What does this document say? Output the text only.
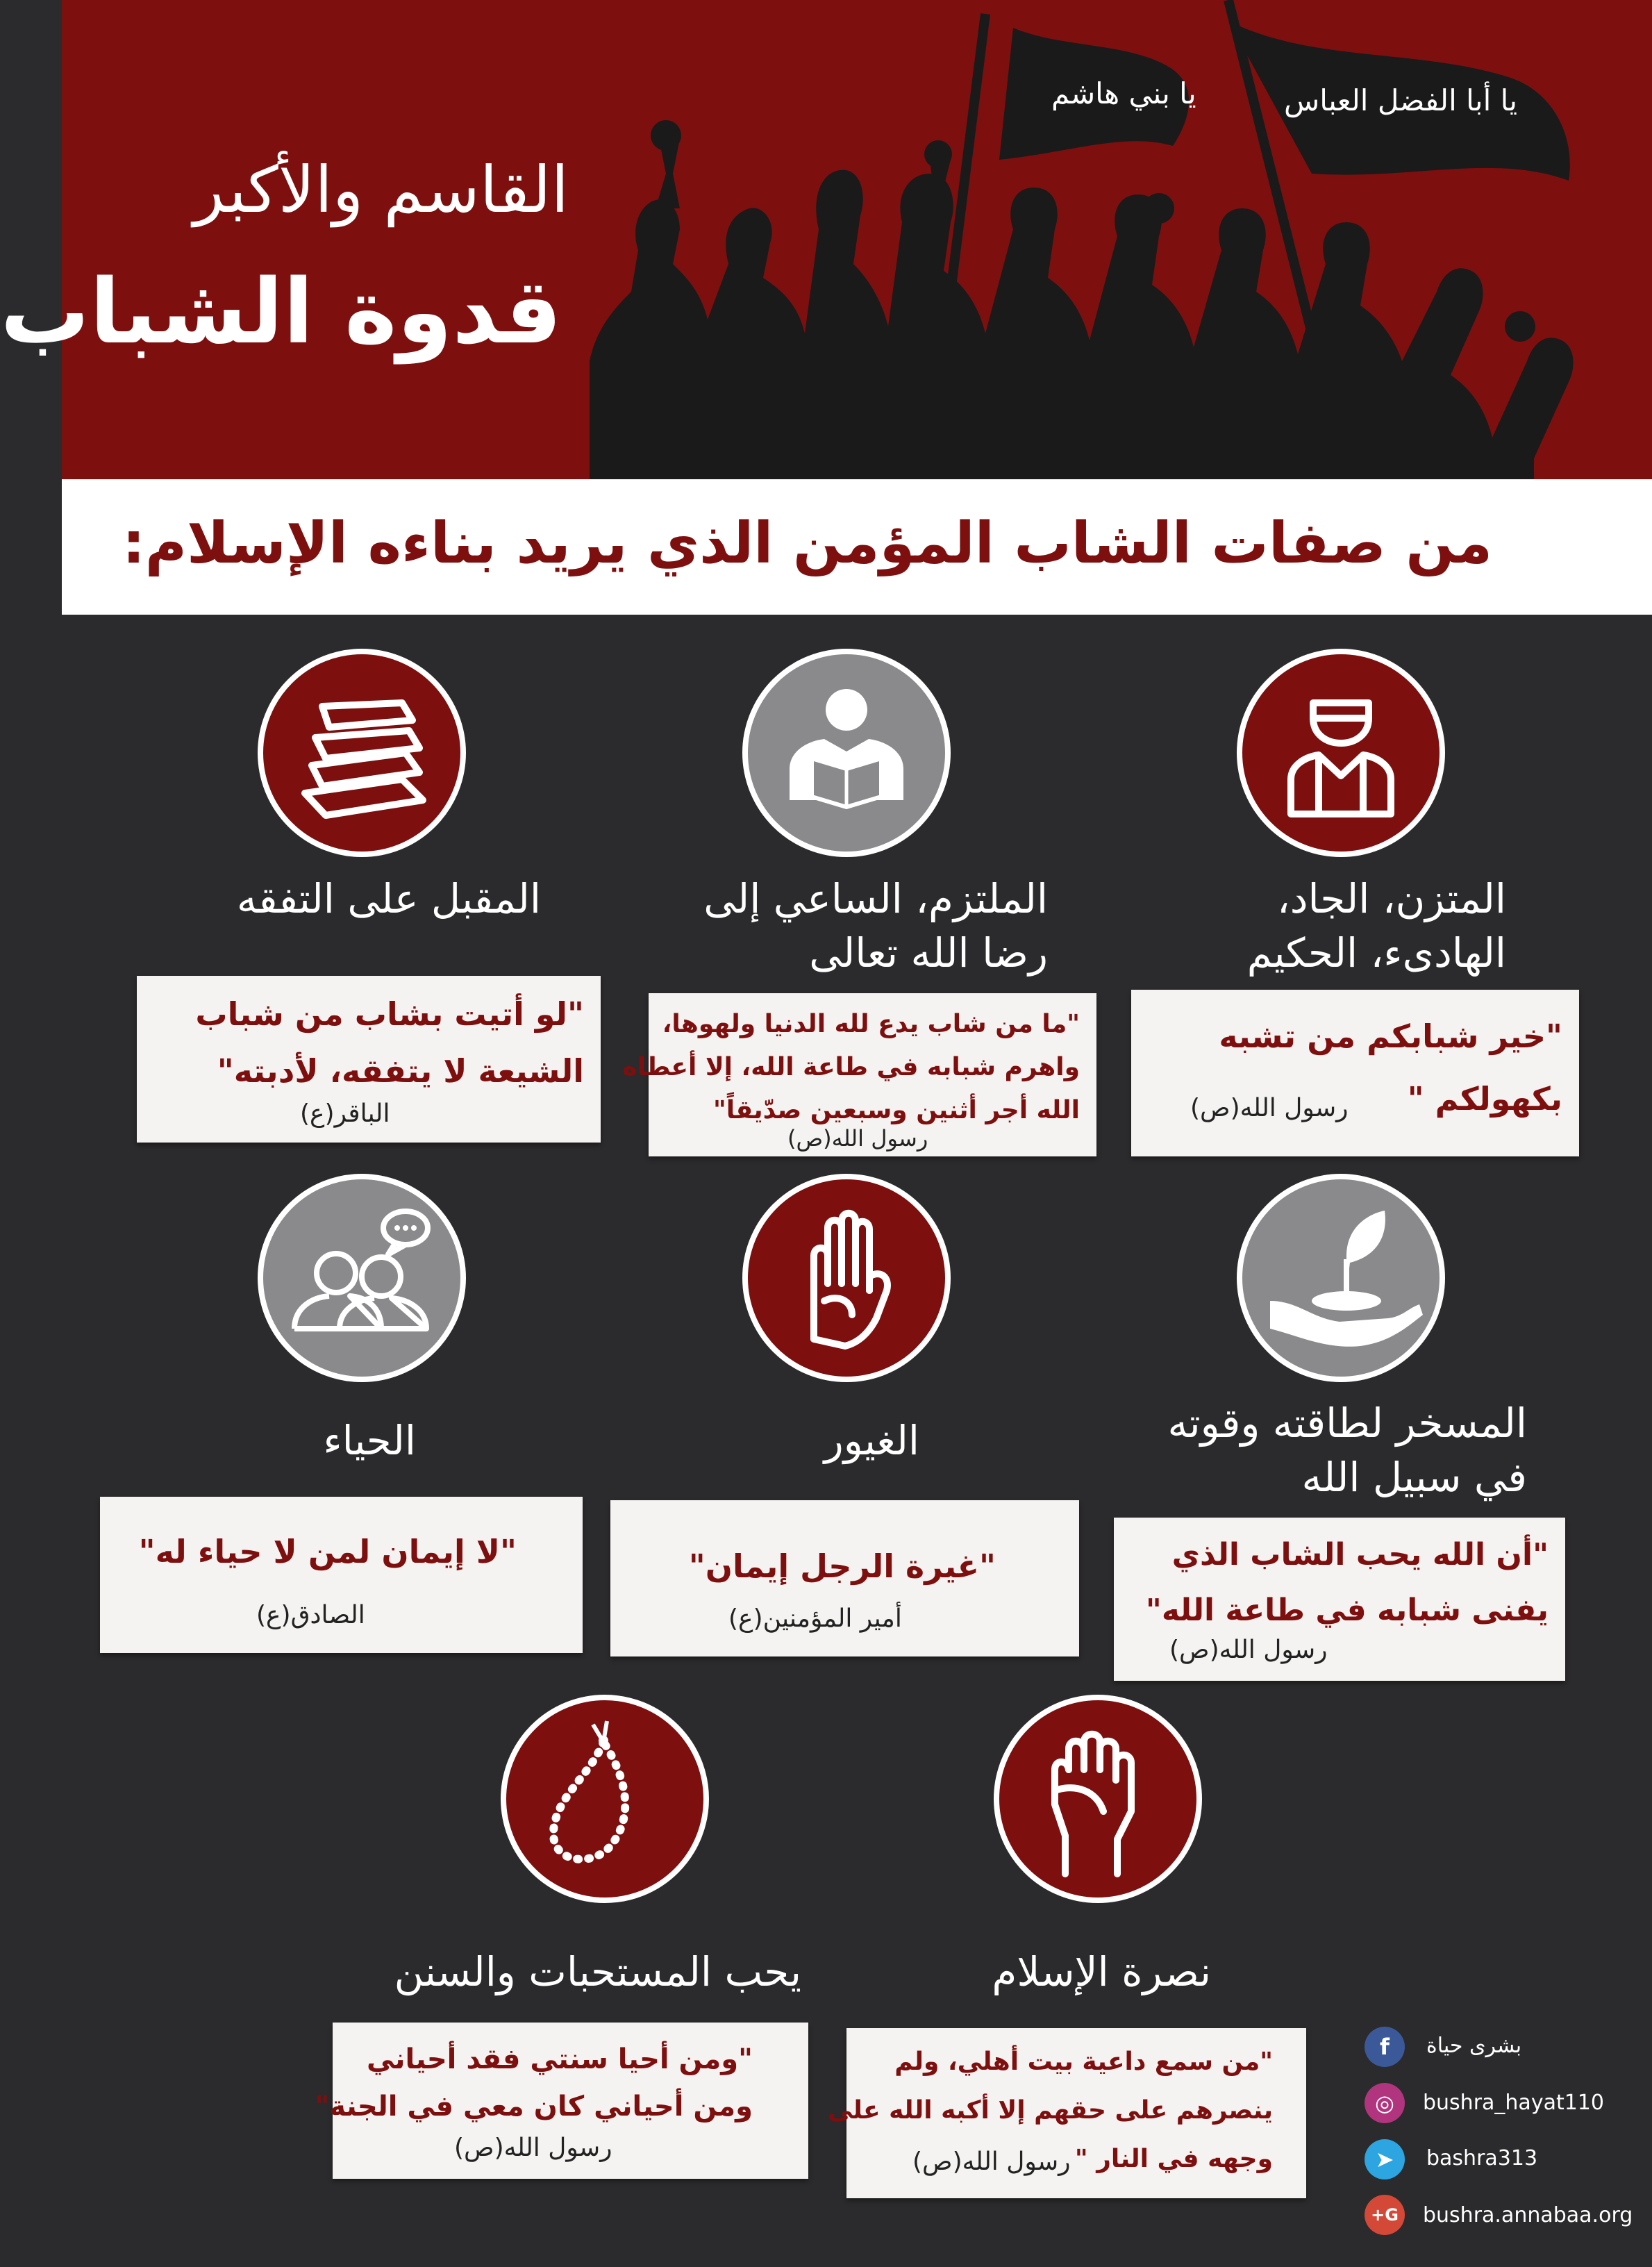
يا بني هاشم	يا أبا الفضل العباس
القاسم والأكبر
قدوة الشباب
من صفات الشاب المؤمن الذي يريد بناءه الإسلام:
المتزن، الجاد،
الهادىء، الحكيم
"خير شبابكم من تشبه
بكهولكم "
رسول الله(ص)
الملتزم، الساعي إلى
رضا الله تعالى
"ما من شاب يدع لله الدنيا ولهوها،
واهرم شبابه في طاعة الله، إلا أعطاه
الله أجر أثنين وسبعين صدّيقاً"
رسول الله(ص)
المقبل على التفقه
"لو أتيت بشاب من شباب
الشيعة لا يتفقه، لأدبته"
الباقر(ع)
المسخر لطاقته وقوته
في سبيل الله
"أن الله يحب الشاب الذي
يفنى شبابه في طاعة الله"
رسول الله(ص)
الغيور
"غيرة الرجل إيمان"
أمير المؤمنين(ع)
الحياء
"لا إيمان لمن لا حياء له"
الصادق(ع)
نصرة الإسلام
"من سمع داعية بيت أهلي، ولم
ينصرهم على حقهم إلا أكبه الله على
وجهه في النار "
رسول الله(ص)
يحب المستحبات والسنن
"ومن أحيا سنتي فقد أحياني
ومن أحياني كان معي في الجنة"
رسول الله(ص)
f	بشرى حياة
◎	bushra_hayat110
➤	bashra313
G+	bushra.annabaa.org
